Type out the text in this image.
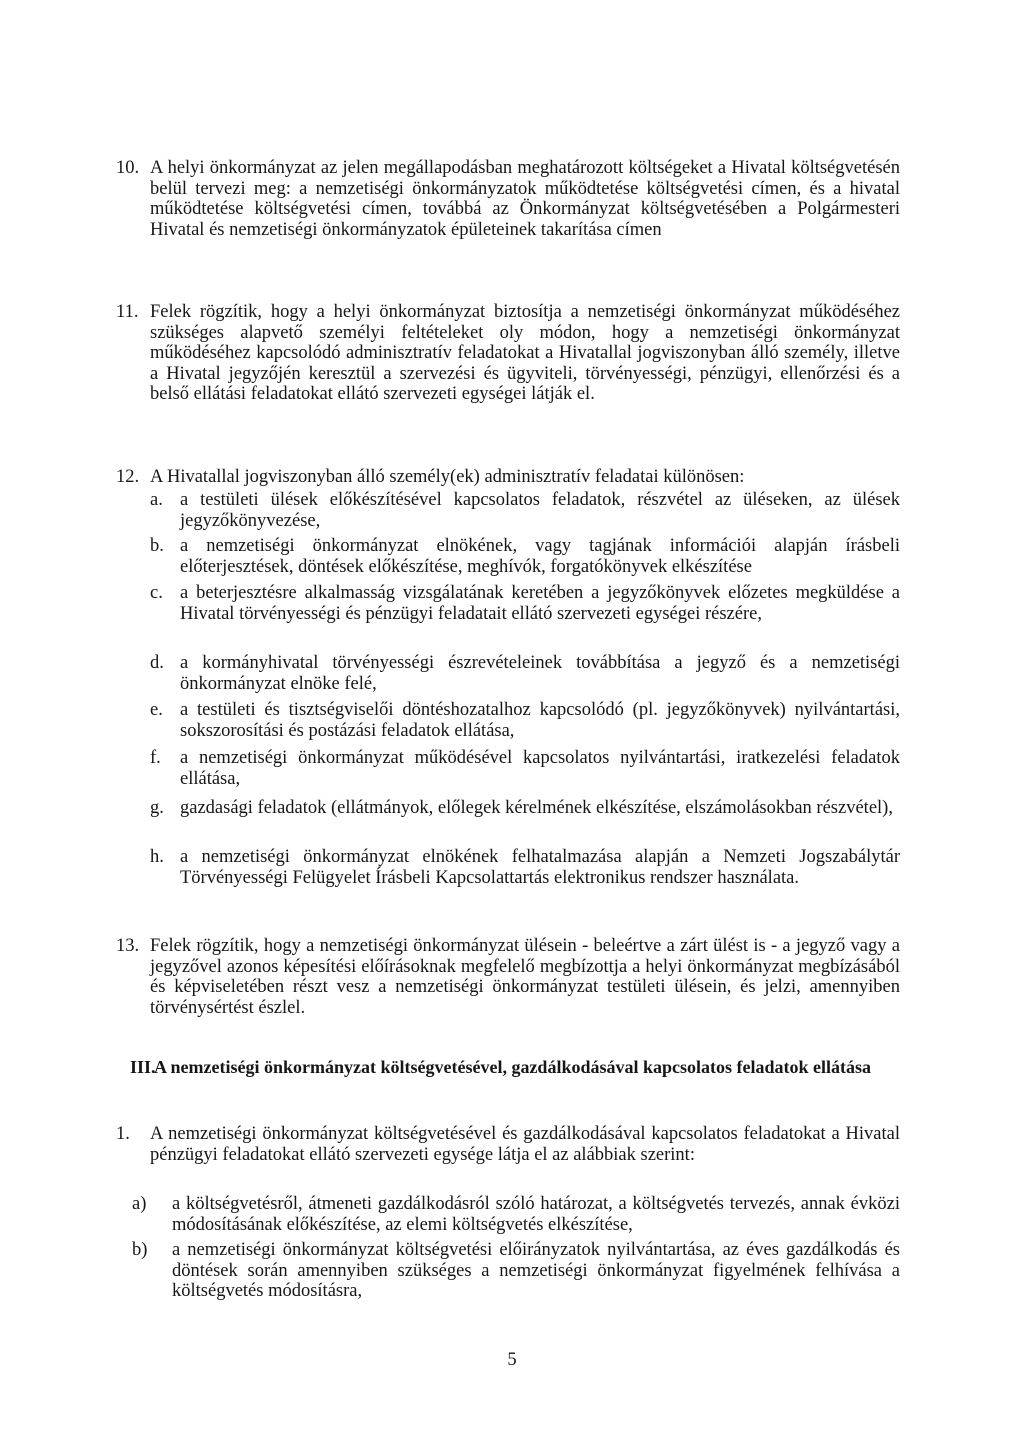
10. A helyi önkormányzat az jelen megállapodásban meghatározott költségeket a Hivatal költségvetésén belül tervezi meg: a nemzetiségi önkormányzatok működtetése költségvetési címen, és a hivatal működtetése költségvetési címen, továbbá az Önkormányzat költségvetésében a Polgármesteri Hivatal és nemzetiségi önkormányzatok épületeinek takarítása címen
11. Felek rögzítik, hogy a helyi önkormányzat biztosítja a nemzetiségi önkormányzat működéséhez szükséges alapvető személyi feltételeket oly módon, hogy a nemzetiségi önkormányzat működéséhez kapcsolódó adminisztratív feladatokat a Hivatallal jogviszonyban álló személy, illetve a Hivatal jegyzőjén keresztül a szervezési és ügyviteli, törvényességi, pénzügyi, ellenőrzési és a belső ellátási feladatokat ellátó szervezeti egységei látják el.
12. A Hivatallal jogviszonyban álló személy(ek) adminisztratív feladatai különösen:
a. a testületi ülések előkészítésével kapcsolatos feladatok, részvétel az üléseken, az ülések jegyzőkönyvezése,
b. a nemzetiségi önkormányzat elnökének, vagy tagjának információi alapján írásbeli előterjesztések, döntések előkészítése, meghívók, forgatókönyvek elkészítése
c. a beterjesztésre alkalmasság vizsgálatának keretében a jegyzőkönyvek előzetes megküldése a Hivatal törvényességi és pénzügyi feladatait ellátó szervezeti egységei részére,
d. a kormányhivatal törvényességi észrevételeinek továbbítása a jegyző és a nemzetiségi önkormányzat elnöke felé,
e. a testületi és tisztségviselői döntéshozatalhoz kapcsolódó (pl. jegyzőkönyvek) nyilvántartási, sokszorosítási és postázási feladatok ellátása,
f. a nemzetiségi önkormányzat működésével kapcsolatos nyilvántartási, iratkezelési feladatok ellátása,
g. gazdasági feladatok (ellátmányok, előlegek kérelmének elkészítése, elszámolásokban részvétel),
h. a nemzetiségi önkormányzat elnökének felhatalmazása alapján a Nemzeti Jogszabálytár Törvényességi Felügyelet Írásbeli Kapcsolattartás elektronikus rendszer használata.
13. Felek rögzítik, hogy a nemzetiségi önkormányzat ülésein - beleértve a zárt ülést is - a jegyző vagy a jegyzővel azonos képesítési előírásoknak megfelelő megbízottja a helyi önkormányzat megbízásából és képviseletében részt vesz a nemzetiségi önkormányzat testületi ülésein, és jelzi, amennyiben törvénysértést észlel.
III.
A nemzetiségi önkormányzat költségvetésével, gazdálkodásával kapcsolatos feladatok ellátása
1. A nemzetiségi önkormányzat költségvetésével és gazdálkodásával kapcsolatos feladatokat a Hivatal pénzügyi feladatokat ellátó szervezeti egysége látja el az alábbiak szerint:
a) a költségvetésről, átmeneti gazdálkodásról szóló határozat, a költségvetés tervezés, annak évközi módosításának előkészítése, az elemi költségvetés elkészítése,
b) a nemzetiségi önkormányzat költségvetési előirányzatok nyilvántartása, az éves gazdálkodás és döntések során amennyiben szükséges a nemzetiségi önkormányzat figyelmének felhívása a költségvetés módosításra,
5
